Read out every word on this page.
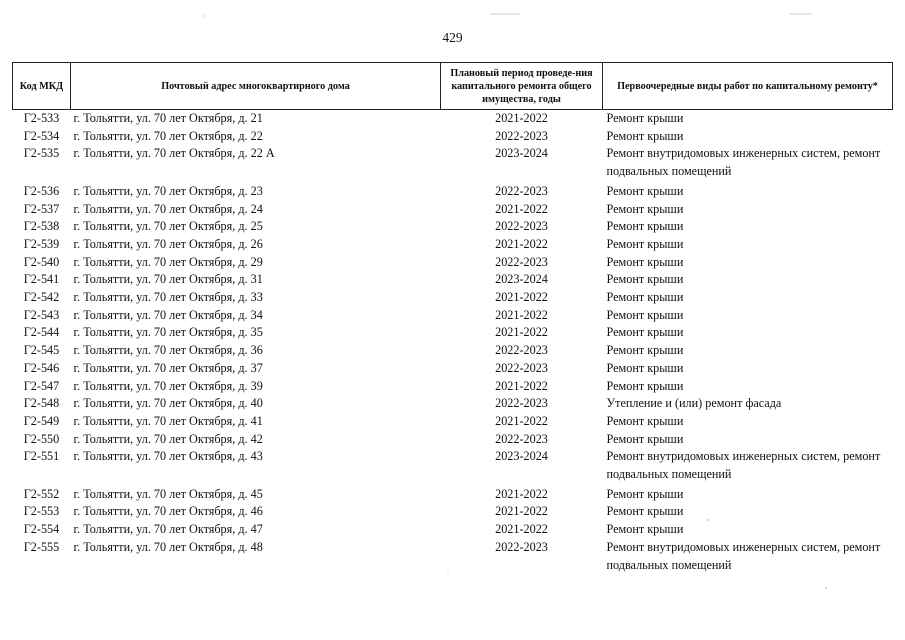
429
Код МКД	Почтовый адрес многоквартирного дома	Плановый период проведе-ния капитального ремонта общего имущества, годы	Первоочередные виды работ по капитальному ремонту*
Г2-533	г. Тольятти, ул. 70 лет Октября, д. 21	2021-2022	Ремонт крыши
Г2-534	г. Тольятти, ул. 70 лет Октября, д. 22	2022-2023	Ремонт крыши
Г2-535	г. Тольятти, ул. 70 лет Октября, д. 22 А	2023-2024	Ремонт внутридомовых инженерных систем, ремонт подвальных помещений
Г2-536	г. Тольятти, ул. 70 лет Октября, д. 23	2022-2023	Ремонт крыши
Г2-537	г. Тольятти, ул. 70 лет Октября, д. 24	2021-2022	Ремонт крыши
Г2-538	г. Тольятти, ул. 70 лет Октября, д. 25	2022-2023	Ремонт крыши
Г2-539	г. Тольятти, ул. 70 лет Октября, д. 26	2021-2022	Ремонт крыши
Г2-540	г. Тольятти, ул. 70 лет Октября, д. 29	2022-2023	Ремонт крыши
Г2-541	г. Тольятти, ул. 70 лет Октября, д. 31	2023-2024	Ремонт крыши
Г2-542	г. Тольятти, ул. 70 лет Октября, д. 33	2021-2022	Ремонт крыши
Г2-543	г. Тольятти, ул. 70 лет Октября, д. 34	2021-2022	Ремонт крыши
Г2-544	г. Тольятти, ул. 70 лет Октября, д. 35	2021-2022	Ремонт крыши
Г2-545	г. Тольятти, ул. 70 лет Октября, д. 36	2022-2023	Ремонт крыши
Г2-546	г. Тольятти, ул. 70 лет Октября, д. 37	2022-2023	Ремонт крыши
Г2-547	г. Тольятти, ул. 70 лет Октября, д. 39	2021-2022	Ремонт крыши
Г2-548	г. Тольятти, ул. 70 лет Октября, д. 40	2022-2023	Утепление и (или) ремонт фасада
Г2-549	г. Тольятти, ул. 70 лет Октября, д. 41	2021-2022	Ремонт крыши
Г2-550	г. Тольятти, ул. 70 лет Октября, д. 42	2022-2023	Ремонт крыши
Г2-551	г. Тольятти, ул. 70 лет Октября, д. 43	2023-2024	Ремонт внутридомовых инженерных систем, ремонт подвальных помещений
Г2-552	г. Тольятти, ул. 70 лет Октября, д. 45	2021-2022	Ремонт крыши
Г2-553	г. Тольятти, ул. 70 лет Октября, д. 46	2021-2022	Ремонт крыши
Г2-554	г. Тольятти, ул. 70 лет Октября, д. 47	2021-2022	Ремонт крыши
Г2-555	г. Тольятти, ул. 70 лет Октября, д. 48	2022-2023	Ремонт внутридомовых инженерных систем, ремонт подвальных помещений
